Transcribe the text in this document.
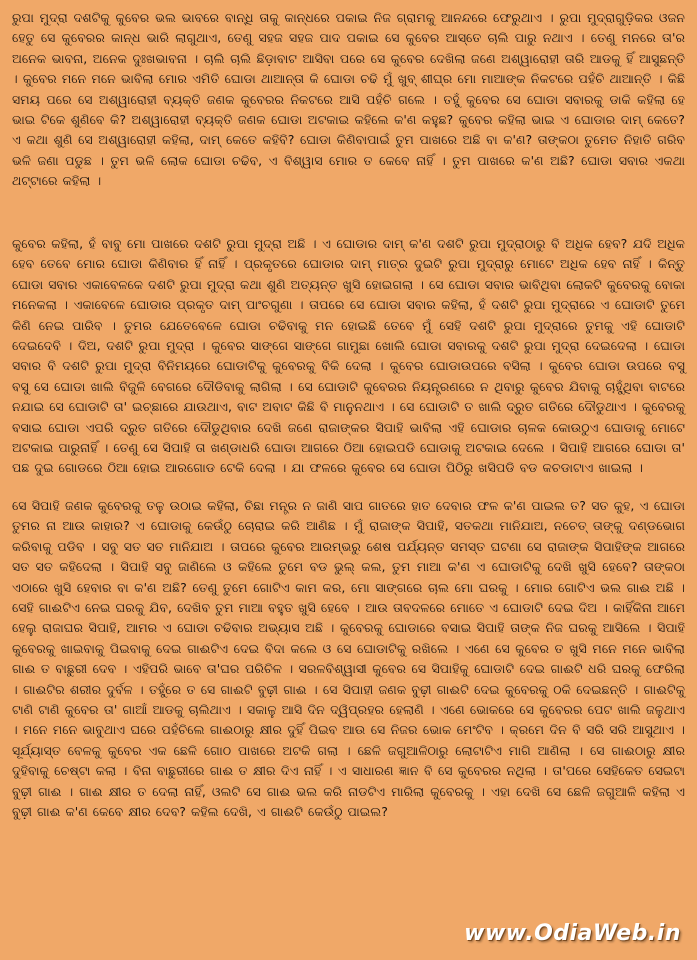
ରୁପା ମୁଦ୍ରା ଦଶଟିକୁ କୁବେର ଭଲ ଭାବରେ ବାନ୍ଧି ତାକୁ କାନ୍ଧରେ ପକାଇ ନିଜ ଗ୍ରାମକୁ ଆନନ୍ଦରେ ଫେରୁଥାଏ । ରୁପା ମୁଦ୍ରାଗୁଡ଼ିକର ଓଜନ ହେତୁ ସେ କୁବେରର କାନ୍ଧ ଭାରି ଲାଗୁଥାଏ, ତେଣୁ ସହଜ ସହଜ ପାଦ ପକାଇ ସେ କୁବେର ଆସ୍ତେ ଚାଲି ପାରୁ ନଥାଏ । ତେଣୁ ମନରେ ତା'ର ଅନେକ ଭାବନା, ଅନେକ ଦୁଃଖଭାବନା । ଚାଲି ଚାଲି ଛିଡ଼ାବାଟ ଆସିବା ପରେ ସେ କୁବେର ଦେଖିଲା ଜଣେ ଅଶ୍ୱାରୋହୀ ତାରି ଆଡକୁ ହିଁ ଆସୁଛନ୍ତି । କୁବେର ମନେ ମନେ ଭାବିଲା ମୋର ଏମିତି ଘୋଡା ଥାଆନ୍ତା କି ଘୋଡା ଚଢି ମୁଁ ଖୁବ୍ ଶୀଘ୍ର ମୋ ମାଆଙ୍କ ନିକଟରେ ପହଁଚି ଥାଆନ୍ତି । କିଛି ସମୟ ପରେ ସେ ଅଶ୍ୱାରୋହୀ ବ୍ୟକ୍ତି ଜଣକ କୁବେରର ନିକଟରେ ଆସି ପହଁଚି ଗଲେ । ତହୁଁ କୁବେର ସେ ଘୋଡା ସବାରକୁ ଡାକି କହିଲା ହେ ଭାଇ ଟିକେ ଶୁଣିବେ କି? ଅଶ୍ୱାରୋହୀ ବ୍ୟକ୍ତି ଜଣକ ଘୋଡା ଅଟକାଇ କହିଲେ କ'ଣ କହୁଛ? କୁବେର କହିଲା ଭାଇ ଏ ଘୋଡାର ଦାମ୍ କେତେ? ଏ କଥା ଶୁଣି ସେ ଅଶ୍ୱାରୋହୀ କହିଲା, ଦାମ୍ କେତେ କହିବି? ଘୋଡା କିଣିବାପାଇଁ ତୁମ ପାଖରେ ଅଛି ବା କ'ଣ? ତାଙ୍କଠା ତୁମେତ ନିହାତି ଗରିବ ଭଳି ଜଣା ପଡୁଛ । ତୁମ ଭଳି ଲୋକ ଘୋଡା ଚଢିବ, ଏ ବିଶ୍ୱାସ ମୋର ତ କେବେ ନାହିଁ । ତୁମ ପାଖରେ କ'ଣ ଅଛି? ଘୋଡା ସବାର ଏକଥା ଥଟ୍ଟାରେ କହିଲା ।

କୁବେର କହିଲା, ହଁ ବାବୁ ମୋ ପାଖରେ ଦଶଟି ରୁପା ମୁଦ୍ରା ଅଛି । ଏ ଘୋଡାର ଦାମ୍ କ'ଣ ଦଶଟି ରୁପା ମୁଦ୍ରାଠାରୁ ବି ଅଧିକ ହେବ? ଯଦି ଅଧିକ ହେବ ତେବେ ମୋର ଘୋଡା କିଣିବାର ହିଁ ନାହିଁ । ପ୍ରକୃତରେ ଘୋଡାର ଦାମ୍ ମାତ୍ର ଦୁଇଟି ରୁପା ମୁଦ୍ରାରୁ ମୋଟେ ଅଧିକ ହେବ ନାହିଁ । କିନ୍ତୁ ଘୋଡା ସବାର ଏକାବେଳକେ ଦଶଟି ରୁପା ମୁଦ୍ରା କଥା ଶୁଣି ଅତ୍ୟନ୍ତ ଖୁସି ହୋଇଗଲା । ସେ ଘୋଡା ସବାର ଭାବିଥିବା ଲୋକଟି କୁବେରକୁ ବୋକା ମନେକଲା । ଏକାବେଳେ ଘୋଡାର ପ୍ରକୃତ ଦାମ୍ ପାଂଚଗୁଣା । ତାପରେ ସେ ଘୋଡା ସବାର କହିଲା, ହଁ ଦଶଟି ରୁପା ମୁଦ୍ରାରେ ଏ ଘୋଡାଟି ତୁମେ କିଣି ନେଇ ପାରିବ । ତୁମର ଯେତେବେଳେ ଘୋଡା ଚଢିବାକୁ ମନ ହୋଇଛି ତେବେ ମୁଁ ସେହି ଦଶଟି ରୁପା ମୁଦ୍ରାରେ ତୁମକୁ ଏହି ଘୋଡାଟି ଦେଇଦେବି । ଦିଅ, ଦଶଟି ରୁପା ମୁଦ୍ରା । କୁବେର ସାଙ୍ଗେ ସାଙ୍ଗେ ଗାମୁଛା ଖୋଲି ଘୋଡା ସବାରକୁ ଦଶଟି ରୁପା ମୁଦ୍ରା ଦେଇଦେଲା । ଘୋଡା ସବାର ବି ଦଶଟି ରୁପା ମୁଦ୍ରା ବିନିମୟରେ ଘୋଡାଟିକୁ କୁବେରକୁ ବିକି ଦେଲା । କୁବେର ଘୋଡାଉପରେ ବସିଲା । କୁବେର ଘୋଡା ଉପରେ ବସୁ ବସୁ ସେ ଘୋଡା ଖାଲି ବିଜୁଳି ବେଗରେ ଦୌଡିବାକୁ ଲାଗିଲା । ସେ ଘୋଡାଟି କୁବେରର ନିୟନ୍ତ୍ରଣରେ ନ ଥିବାରୁ କୁବେର ଯିବାକୁ ଚାହୁଁଥିବା ବାଟରେ ନଯାଇ ସେ ଘୋଡାଟି ତା' ଇଚ୍ଛାରେ ଯାଉଥାଏ, ବାଟ ଅବାଟ କିଛି ବି ମାନୁନଥାଏ । ସେ ଘୋଡାଟି ତ ଖାଲି ଦ୍ରୁତ ଗତିରେ ଦୌଡୁଥାଏ । କୁବେରକୁ ବସାଇ ଘୋଡା ଏପରି ଦ୍ରୁତ ଗତିରେ ଦୌଡୁଥିବାର ଦେଖି ଜଣେ ରାଜାଙ୍କର ସିପାହି ଭାବିଲା ଏହି ଘୋଡାର ଚାଳକ କୋଉଠୁଏ ଘୋଡାକୁ ମୋଟେ ଅଟକାଇ ପାରୁନାହିଁ । ତେଣୁ ସେ ସିପାହି ତା ଖଣ୍ଡାଧରି ଘୋଡା ଆଗରେ ଠିଆ ହୋଇପଡି ଘୋଡାକୁ ଅଟକାଇ ଦେଲେ । ସିପାହି ଆଗରେ ଘୋଡା ତା' ପଛ ଦୁଇ ଗୋଡରେ ଠିଆ ହୋଇ ଆରଗୋଡ ଟେକି ଦେଲା । ଯା ଫଳରେ କୁବେର ସେ ଘୋଡା ପିଠିରୁ ଖସିପଡି ବଡ କଚଡାଟାଏ ଖାଇଲା ।

ସେ ସିପାହି ଜଣକ କୁବେରକୁ ତଳୁ ଉଠାଇ କହିଲା, ଚିଛା ମନ୍ତ୍ର ନ ଜାଣି ସାପ ଗାତରେ ହାତ ଦେବାର ଫଳ କ'ଣ ପାଇଲ ତ? ସତ କୁହ, ଏ ଘୋଡା ତୁମର ନା ଆଉ କାହାର? ଏ ଘୋଡାକୁ କେଉଁଠୁ ଚୋରାଇ କରି ଆଣିଛ । ମୁଁ ରାଜାଙ୍କ ସିପାହି, ସତକଥା ମାନିଯାଅ, ନଚେତ୍ ତାଙ୍କୁ ଦଣ୍ଡଭୋଗ କରିବାକୁ ପଡିବ । ସବୁ ସତ ସତ ମାନିଯାଅ । ତାପରେ କୁବେର ଆରମ୍ଭରୁ ଶେଷ ପର୍ଯ୍ୟନ୍ତ ସମସ୍ତ ଘଟଣା ସେ ରାଜାଙ୍କ ସିପାହିଙ୍କ ଆଗରେ ସତ ସତ କହିଦେଲା । ସିପାହି ସବୁ ଜାଣିଲେ ଓ କହିଲେ ତୁମେ ବଡ ଭୁଲ୍ କଲ, ତୁମ ମାଆ କ'ଣ ଏ ଘୋଡାଟିକୁ ଦେଖି ଖୁସି ହେବେ? ତାଙ୍କଠା ଏଠାରେ ଖୁସି ହେବାର ବା କ'ଣ ଅଛି? ତେଣୁ ତୁମେ ଗୋଟିଏ କାମ କର, ମୋ ସାଙ୍ଗରେ ଚାଲ ମୋ ଘରକୁ । ମୋର ଗୋଟିଏ ଭଲ ଗାଈ ଅଛି । ସେହି ଗାଈଟିଏ ନେଇ ଘରକୁ ଯିବ, ଦେଖିବ ତୁମ ମାଆ ବହୁତ ଖୁସି ହେବେ । ଆଉ ତାବଦଳରେ ମୋତେ ଏ ଘୋଡାଟି ଦେଇ ଦିଅ । କାହିଁକିନା ଆମେ ହେଲୁ ରାଜାଘର ସିପାହି, ଆମର ଏ ଘୋଡା ଚଢିବାର ଅଭ୍ୟାସ ଅଛି । କୁବେରକୁ ଘୋଡାରେ ବସାଇ ସିପାହି ତାଙ୍କ ନିଜ ଘରକୁ ଆସିଲେ । ସିପାହି କୁବେରକୁ ଖାଇବାକୁ ପିଇବାକୁ ଦେଇ ଗାଈଟିଏ ଦେଇ ବିଦା କଲେ ଓ ସେ ଘୋଡାଟିକୁ ରଖିଲେ । ଏଣେ ସେ କୁବେର ତ ଖୁସି ମନେ ମନେ ଭାବିଲା ଗାଈ ତ ବାଛୁରୀ ଦେବ । ଏହିପରି ଭାବେ ତା'ଘର ପରିଚିଳ । ସରଳବିଶ୍ୱାସୀ କୁବେର ସେ ସିପାହିକୁ ଘୋଡାଟି ଦେଇ ଗାଈଟି ଧରି ଘରକୁ ଫେରିଲା । ଗାଈଟିର ଶରୀର ଦୁର୍ବଳ । ତହୁଁରେ ତ ସେ ଗାଈଟି ବୁଢ଼ୀ ଗାଈ । ସେ ସିପାହୀ ଜଣକ ବୁଢ଼ୀ ଗାଈଟି ଦେଇ କୁବେରକୁ ଠକି ଦେଇଛନ୍ତି । ଗାଈଟିକୁ ଟାଣି ଟାଣି କୁବେର ତା' ଗାଆଁ ଆଡକୁ ଚାଲିଥାଏ । ସକାଳୁ ଆସି ଦିନ ଦ୍ୱିପ୍ରହର ହେଲାଣି । ଏଣେ ଭୋକରେ ସେ କୁବେରର ପେଟ ଖାଲି ଜଳୁଥାଏ । ମନେ ମନେ ଭାବୁଥାଏ ଘରେ ପହଁଚିଲେ ଗାଈଠାରୁ କ୍ଷୀର ଦୁହିଁ ପିଇବ ଆଉ ସେ ନିଜର ଭୋକ ମେଂଟିବ । କ୍ରମେ ଦିନ ବି ସରି ସରି ଆସୁଥାଏ । ସୂର୍ଯ୍ୟାସ୍ତ ବେଳକୁ କୁବେର ଏକ ଛେଳି ଗୋଠ ପାଖରେ ଅଟକି ଗଲା । ଛେଳି ଜଗୁଆଳିଠାରୁ ଲୋଟାଟିଏ ମାଗି ଆଣିଲା । ସେ ଗାଈଠାରୁ କ୍ଷୀର ଦୁହିବାକୁ ଚେଷ୍ଟା କଲା । ବିନା ବାଛୁରୀରେ ଗାଈ ତ କ୍ଷୀର ଦିଏ ନାହିଁ । ଏ ସାଧାରଣ ଜ୍ଞାନ ବି ସେ କୁବେରର ନଥିଲା । ତା'ପରେ ସେହିକେତ ସେଇଟା ବୁଢ଼ୀ ଗାଈ । ଗାଈ କ୍ଷୀର ତ ଦେଲା ନାହିଁ, ଓଲଟି ସେ ଗାଈ ଭଲ କରି ନାଡଟିଏ ମାରିଲା କୁବେରକୁ । ଏହା ଦେଖି ସେ ଛେଳି ଜଗୁଆଳି କହିଲା ଏ ବୁଢ଼ୀ ଗାଈ କ'ଣ କେବେ କ୍ଷୀର ଦେବ? କହିଲ ଦେଖି, ଏ ଗାଈଟି କେଉଁଠୁ ପାଇଲ?

www.OdiaWeb.in
